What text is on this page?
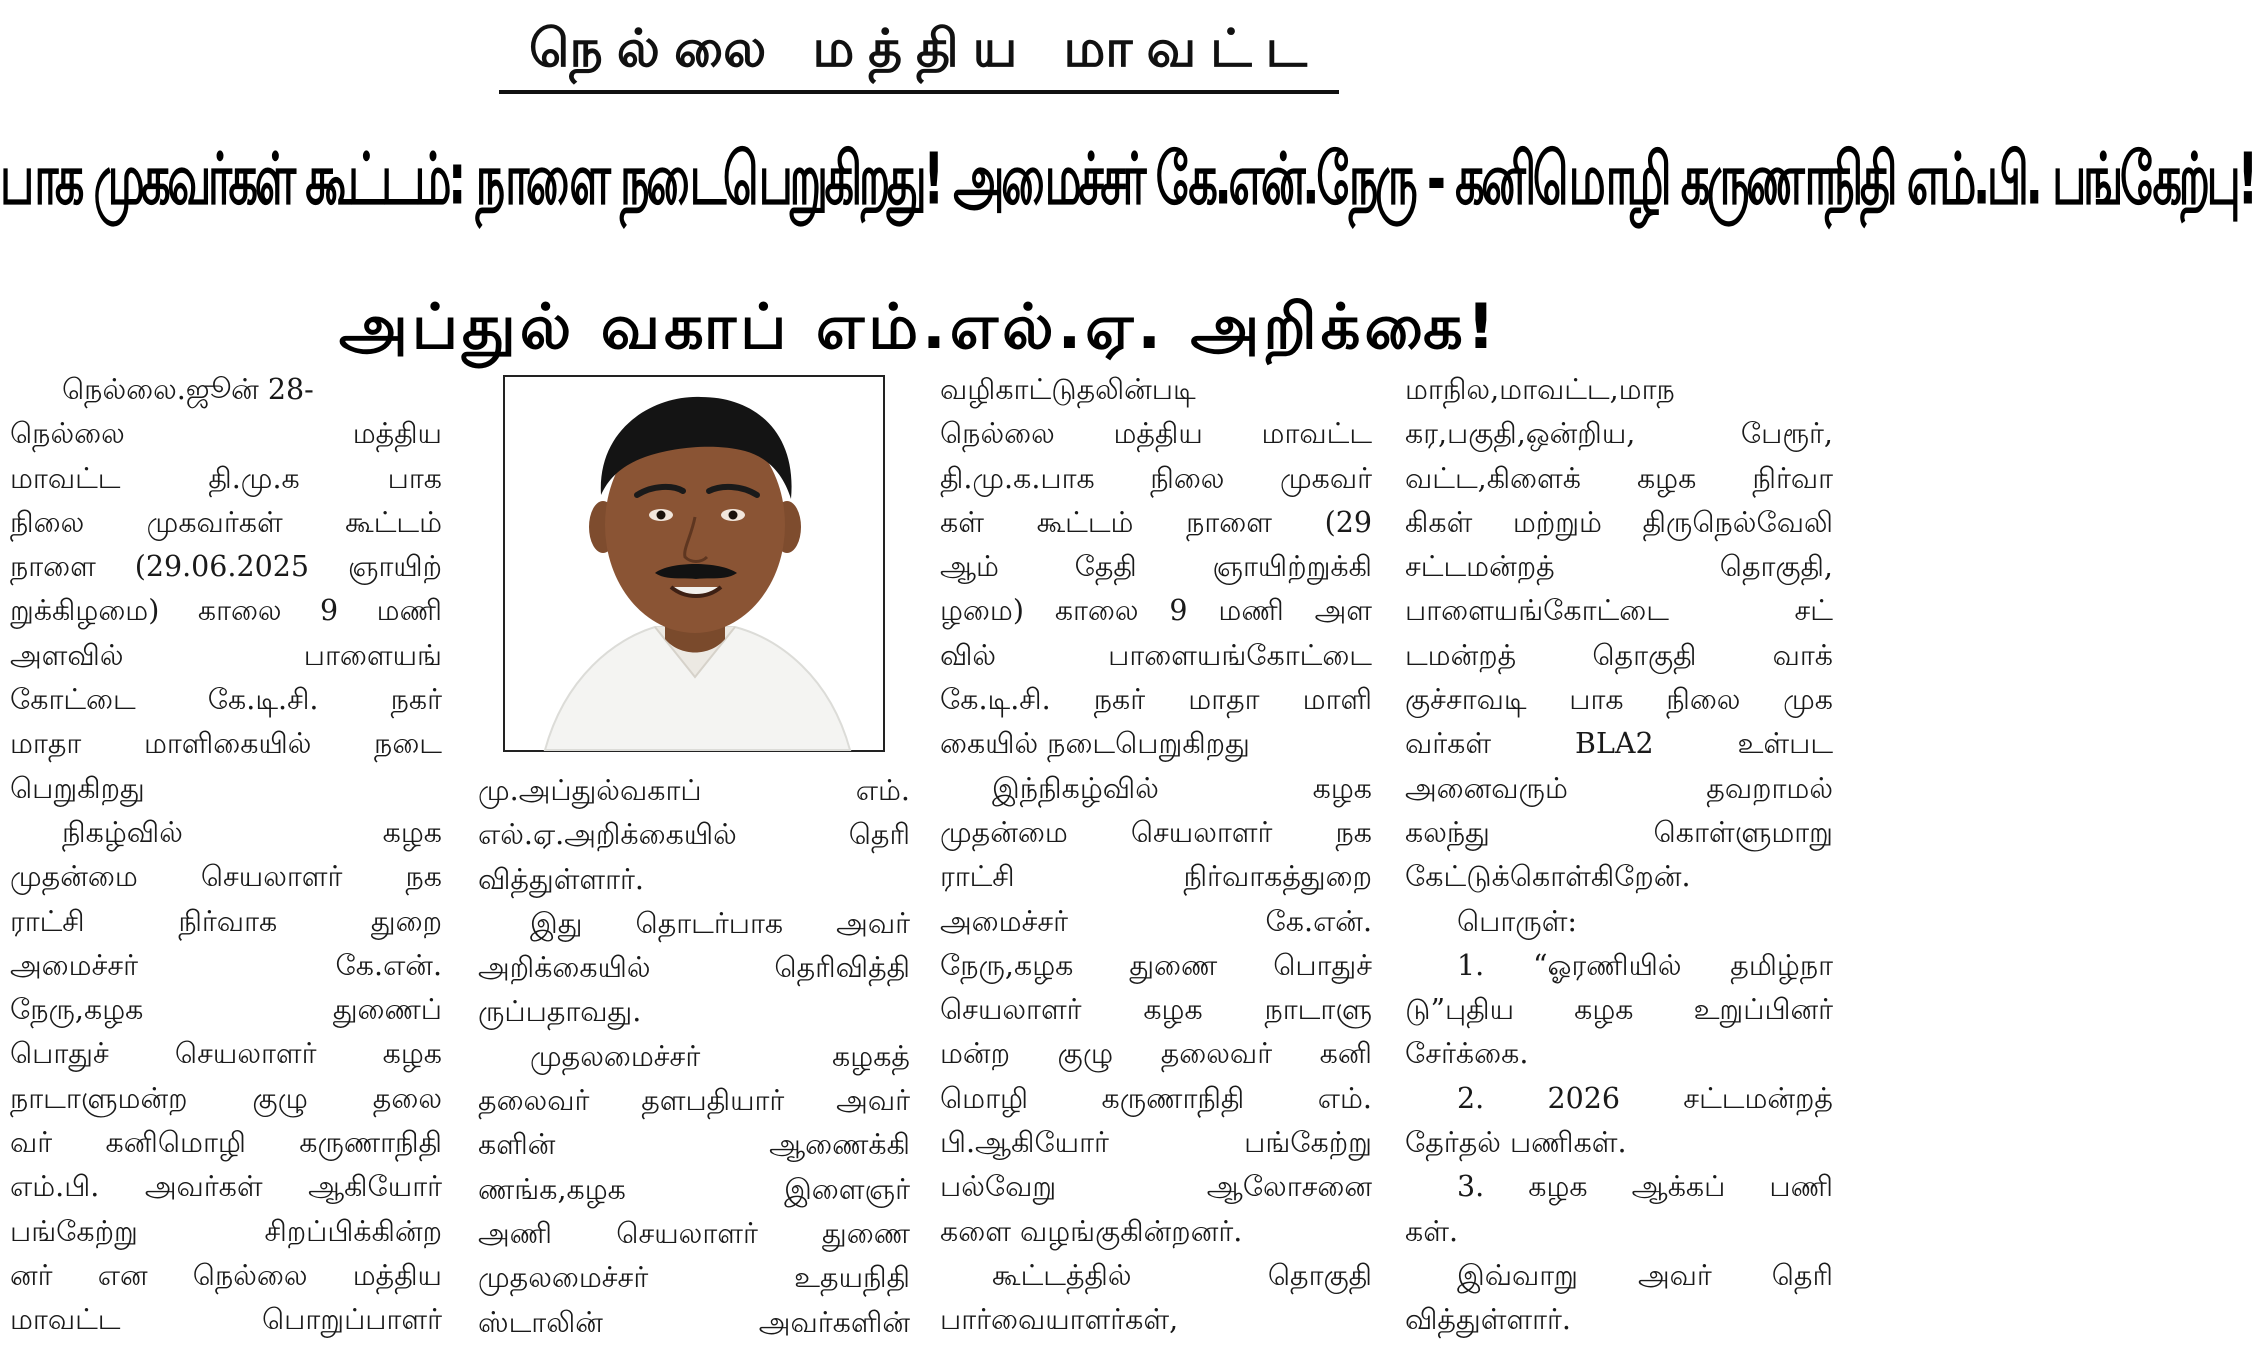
நெல்லை மத்திய மாவட்ட
பாக முகவர்கள் கூட்டம்: நாளை நடைபெறுகிறது! அமைச்சர் கே.என்.நேரு - கனிமொழி கருணாநிதி எம்.பி. பங்கேற்பு!
அப்துல் வகாப் எம்.எல்.ஏ. அறிக்கை!
நெல்லை.ஜூன் 28-
நெல்லை மத்திய
மாவட்ட தி.மு.க பாக
நிலை முகவர்கள் கூட்டம்
நாளை (29.06.2025 ஞாயிற்
றுக்கிழமை) காலை 9 மணி
அளவில் பாளையங்
கோட்டை கே.டி.சி. நகர்
மாதா மாளிகையில் நடை
பெறுகிறது
நிகழ்வில் கழக
முதன்மை செயலாளர் நக
ராட்சி நிர்வாக துறை
அமைச்சர் கே.என்.
நேரு,கழக துணைப்
பொதுச் செயலாளர் கழக
நாடாளுமன்ற குழு தலை
வர் கனிமொழி கருணாநிதி
எம்.பி. அவர்கள் ஆகியோர்
பங்கேற்று சிறப்பிக்கின்ற
னர் என நெல்லை மத்திய
மாவட்ட பொறுப்பாளர்
மு.அப்துல்வகாப் எம்.
எல்.ஏ.அறிக்கையில் தெரி
வித்துள்ளார்.
இது தொடர்பாக அவர்
அறிக்கையில் தெரிவித்தி
ருப்பதாவது.
முதலமைச்சர் கழகத்
தலைவர் தளபதியார் அவர்
களின் ஆணைக்கி
ணங்க,கழக இளைஞர்
அணி செயலாளர் துணை
முதலமைச்சர் உதயநிதி
ஸ்டாலின் அவர்களின்
வழிகாட்டுதலின்படி
நெல்லை மத்திய மாவட்ட
தி.மு.க.பாக நிலை முகவர்
கள் கூட்டம் நாளை (29
ஆம் தேதி ஞாயிற்றுக்கி
ழமை) காலை 9 மணி அள
வில் பாளையங்கோட்டை
கே.டி.சி. நகர் மாதா மாளி
கையில் நடைபெறுகிறது
இந்நிகழ்வில் கழக
முதன்மை செயலாளர் நக
ராட்சி நிர்வாகத்துறை
அமைச்சர் கே.என்.
நேரு,கழக துணை பொதுச்
செயலாளர் கழக நாடாளு
மன்ற குழு தலைவர் கனி
மொழி கருணாநிதி எம்.
பி.ஆகியோர் பங்கேற்று
பல்வேறு ஆலோசனை
களை வழங்குகின்றனர்.
கூட்டத்தில் தொகுதி
பார்வையாளர்கள்,
மாநில,மாவட்ட,மாந
கர,பகுதி,ஒன்றிய, பேரூர்,
வட்ட,கிளைக் கழக நிர்வா
கிகள் மற்றும் திருநெல்வேலி
சட்டமன்றத் தொகுதி,
பாளையங்கோட்டை சட்
டமன்றத் தொகுதி வாக்
குச்சாவடி பாக நிலை முக
வர்கள் BLA2 உள்பட
அனைவரும் தவறாமல்
கலந்து கொள்ளுமாறு
கேட்டுக்கொள்கிறேன்.
பொருள்:
1. “ஓரணியில் தமிழ்நா
டு”புதிய கழக உறுப்பினர்
சேர்க்கை.
2. 2026 சட்டமன்றத்
தேர்தல் பணிகள்.
3. கழக ஆக்கப் பணி
கள்.
இவ்வாறு அவர் தெரி
வித்துள்ளார்.
